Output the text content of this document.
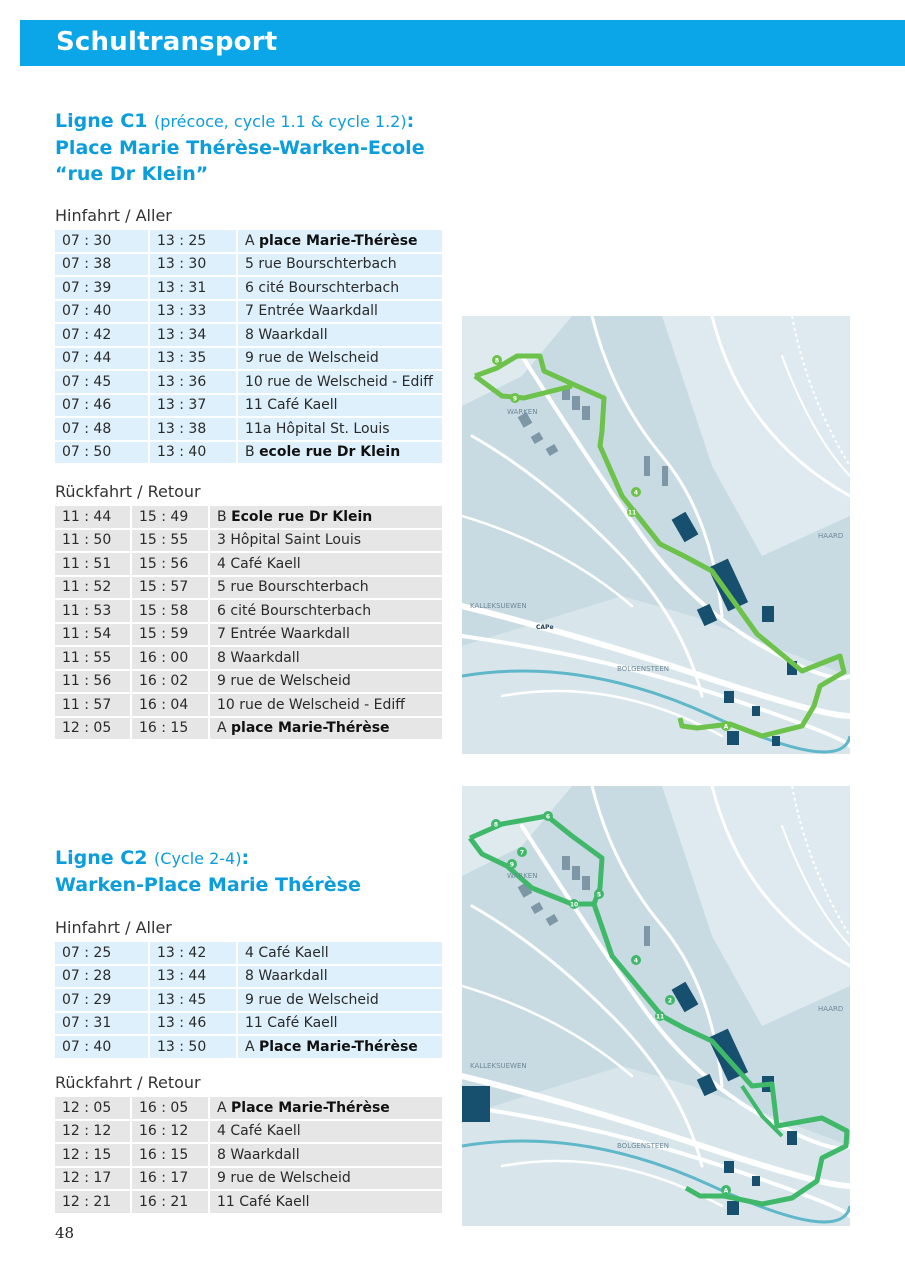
Schultransport
Ligne C1 (précoce, cycle 1.1 & cycle 1.2):
Place Marie Thérèse-Warken-Ecole
“rue Dr Klein”
Hinfahrt / Aller
07 : 30	13 : 25	A place Marie-Thérèse
07 : 38	13 : 30	5 rue Bourschterbach
07 : 39	13 : 31	6 cité Bourschterbach
07 : 40	13 : 33	7 Entrée Waarkdall
07 : 42	13 : 34	8 Waarkdall
07 : 44	13 : 35	9 rue de Welscheid
07 : 45	13 : 36	10 rue de Welscheid - Ediff
07 : 46	13 : 37	11 Café Kaell
07 : 48	13 : 38	11a Hôpital St. Louis
07 : 50	13 : 40	B ecole rue Dr Klein
Rückfahrt / Retour
11 : 44	15 : 49	B Ecole rue Dr Klein
11 : 50	15 : 55	3 Hôpital Saint Louis
11 : 51	15 : 56	4 Café Kaell
11 : 52	15 : 57	5 rue Bourschterbach
11 : 53	15 : 58	6 cité Bourschterbach
11 : 54	15 : 59	7 Entrée Waarkdall
11 : 55	16 : 00	8 Waarkdall
11 : 56	16 : 02	9 rue de Welscheid
11 : 57	16 : 04	10 rue de Welscheid - Ediff
12 : 05	16 : 15	A place Marie-Thérèse
WARKEN
KALLEKSUEWEN
BOLGENSTEEN
HAARD
CAPe
8
9
4
11
A
Ligne C2 (Cycle 2-4):
Warken-Place Marie Thérèse
Hinfahrt / Aller
07 : 25	13 : 42	4 Café Kaell
07 : 28	13 : 44	8 Waarkdall
07 : 29	13 : 45	9 rue de Welscheid
07 : 31	13 : 46	11 Café Kaell
07 : 40	13 : 50	A Place Marie-Thérèse
Rückfahrt / Retour
12 : 05	16 : 05	A Place Marie-Thérèse
12 : 12	16 : 12	4 Café Kaell
12 : 15	16 : 15	8 Waarkdall
12 : 17	16 : 17	9 rue de Welscheid
12 : 21	16 : 21	11 Café Kaell
WARKEN
KALLEKSUEWEN
BOLGENSTEEN
HAARD
6
8
7
9
5
10
4
2
11
A
48
